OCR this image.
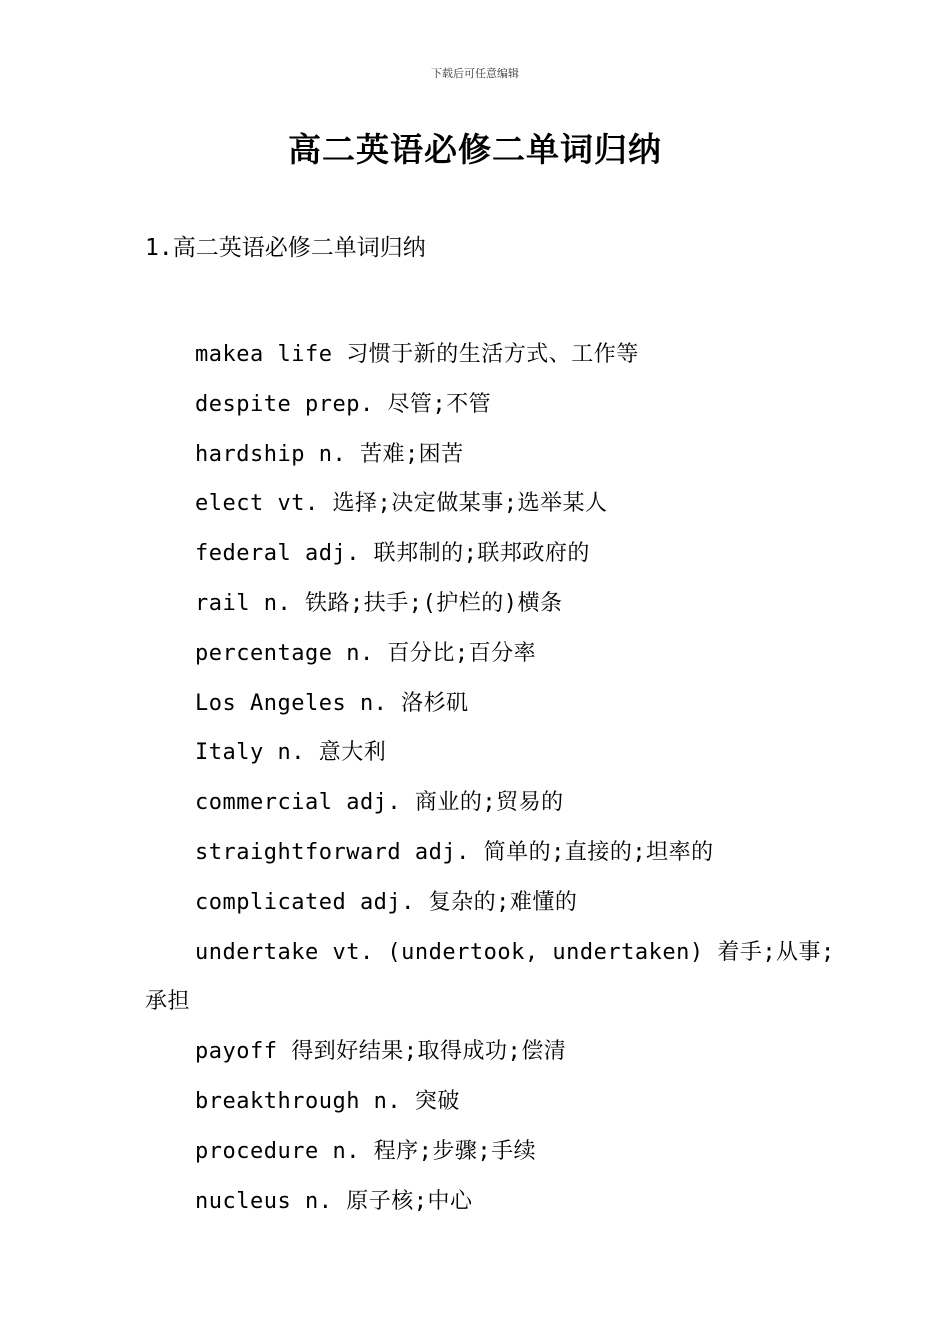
下载后可任意编辑
高二英语必修二单词归纳
1.高二英语必修二单词归纳
makea life 习惯于新的生活方式、工作等
despite prep. 尽管;不管
hardship n. 苦难;困苦
elect vt. 选择;决定做某事;选举某人
federal adj. 联邦制的;联邦政府的
rail n. 铁路;扶手;(护栏的)横条
percentage n. 百分比;百分率
Los Angeles n. 洛杉矶
Italy n. 意大利
commercial adj. 商业的;贸易的
straightforward adj. 简单的;直接的;坦率的
complicated adj. 复杂的;难懂的
undertake vt. (undertook, undertaken) 着手;从事;承担
payoff 得到好结果;取得成功;偿清
breakthrough n. 突破
procedure n. 程序;步骤;手续
nucleus n. 原子核;中心
